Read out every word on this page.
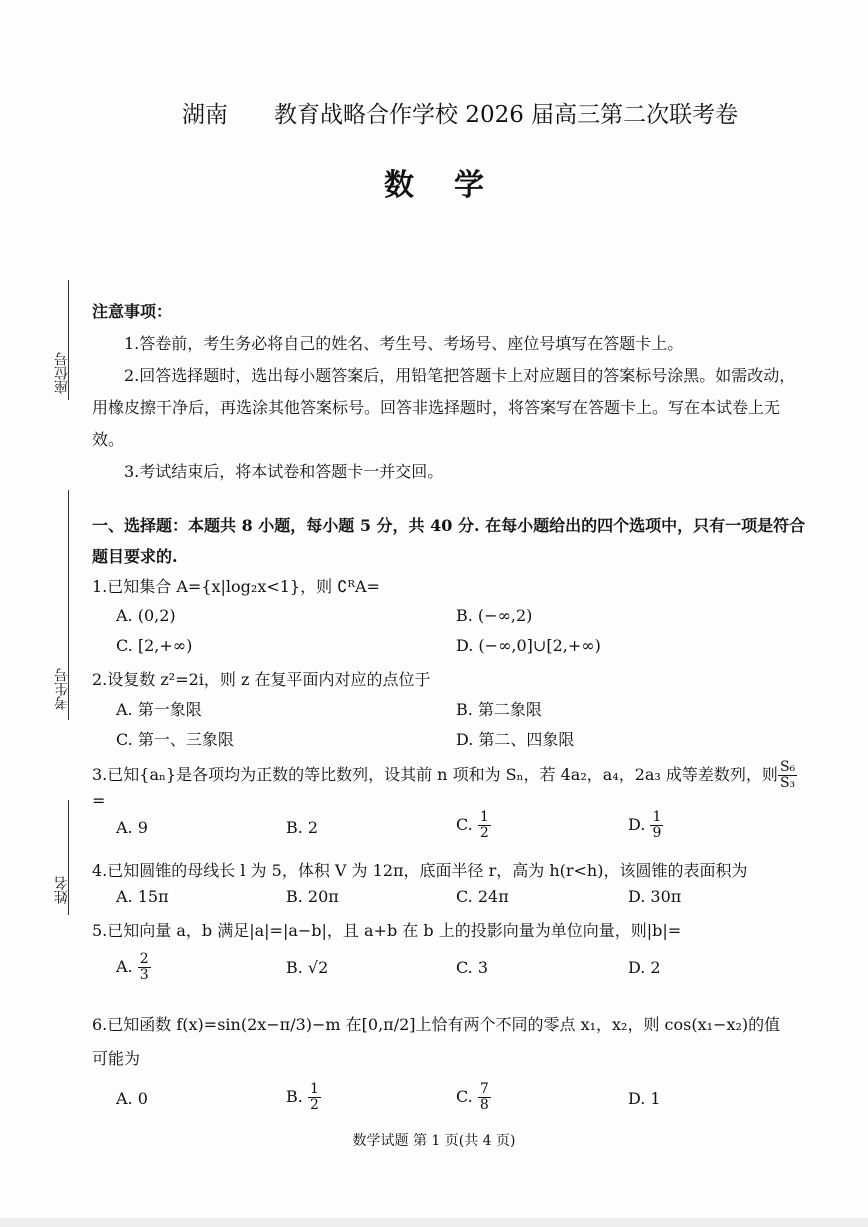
湖南 教育战略合作学校 2026 届高三第二次联考卷
数学
座位号
考生号
姓名
注意事项：

1.答卷前，考生务必将自己的姓名、考生号、考场号、座位号填写在答题卡上。

2.回答选择题时，选出每小题答案后，用铅笔把答题卡上对应题目的答案标号涂黑。如需改动，用橡皮擦干净后，再选涂其他答案标号。回答非选择题时，将答案写在答题卡上。写在本试卷上无效。

3.考试结束后，将本试卷和答题卡一并交回。

一、选择题：本题共 8 小题，每小题 5 分，共 40 分. 在每小题给出的四个选项中，只有一项是符合题目要求的.
1.已知集合 A={x|log₂x<1}，则 ∁ᴿA=
A. (0,2)	B. (−∞,2)
C. [2,+∞)	D. (−∞,0]∪[2,+∞)
2.设复数 z²=2i，则 z 在复平面内对应的点位于
A. 第一象限	B. 第二象限
C. 第一、三象限	D. 第二、四象限
3.已知{aₙ}是各项均为正数的等比数列，设其前 n 项和为 Sₙ，若 4a₂，a₄，2a₃ 成等差数列，则 $\frac{\text{S₆}}{\text{S₃}}$
=
A. 9	B. 2	C. $\frac{1}{2}$	D. $\frac{1}{9}$
4.已知圆锥的母线长 l 为 5，体积 V 为 12π，底面半径 r，高为 h(r<h)，该圆锥的表面积为
A. 15π	B. 20π	C. 24π	D. 30π
5.已知向量 a，b 满足|a|=|a−b|，且 a+b 在 b 上的投影向量为单位向量，则|b|=
A. $\frac{2}{3}$	B. √2	C. 3	D. 2
6.已知函数 f(x)=sin(2x−π/3)−m 在[0,π/2]上恰有两个不同的零点 x₁，x₂，则 cos(x₁−x₂)的值
可能为
A. 0	B. $\frac{1}{2}$	C. $\frac{7}{8}$	D. 1
数学试题 第 1 页(共 4 页)
